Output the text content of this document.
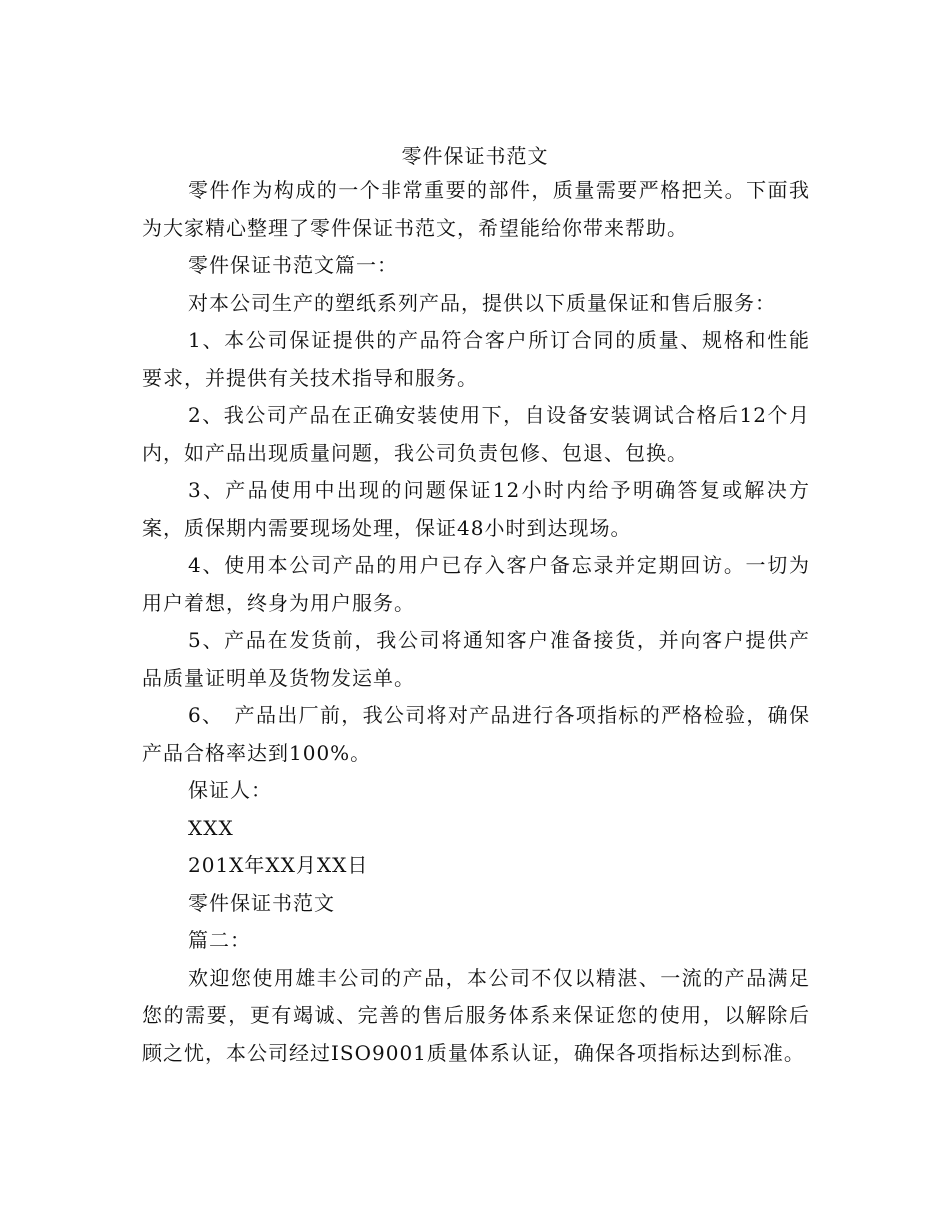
零件保证书范文

零件作为构成的一个非常重要的部件，质量需要严格把关。下面我为大家精心整理了零件保证书范文，希望能给你带来帮助。

零件保证书范文篇一：

对本公司生产的塑纸系列产品，提供以下质量保证和售后服务：

1、本公司保证提供的产品符合客户所订合同的质量、规格和性能要求，并提供有关技术指导和服务。

2、我公司产品在正确安装使用下，自设备安装调试合格后12个月内，如产品出现质量问题，我公司负责包修、包退、包换。

3、产品使用中出现的问题保证12小时内给予明确答复或解决方案，质保期内需要现场处理，保证48小时到达现场。

4、使用本公司产品的用户已存入客户备忘录并定期回访。一切为用户着想，终身为用户服务。

5、产品在发货前，我公司将通知客户准备接货，并向客户提供产品质量证明单及货物发运单。

6、　产品出厂前，我公司将对产品进行各项指标的严格检验，确保产品合格率达到100%。

保证人：

XXX

201X年XX月XX日

零件保证书范文

篇二：

欢迎您使用雄丰公司的产品，本公司不仅以精湛、一流的产品满足您的需要，更有竭诚、完善的售后服务体系来保证您的使用，以解除后顾之忧，本公司经过ISO9001质量体系认证，确保各项指标达到标准。
